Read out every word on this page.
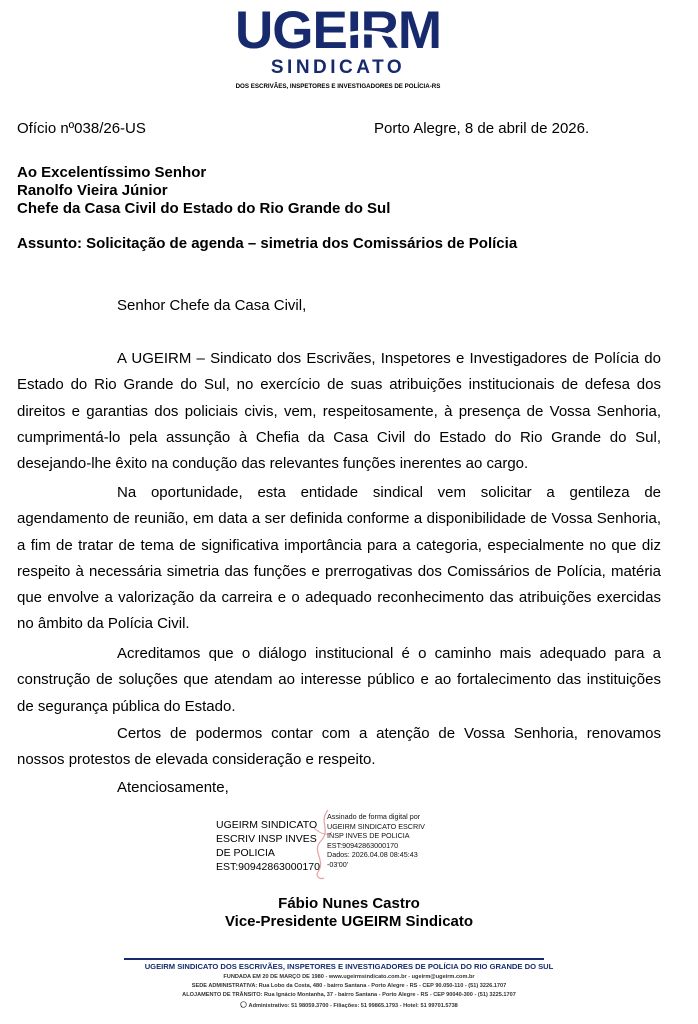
UGEIRM
SINDICATO
DOS ESCRIVÃES, INSPETORES E INVESTIGADORES DE POLÍCIA-RS
Ofício nº038/26-US	Porto Alegre, 8 de abril de 2026.
Ao Excelentíssimo Senhor
Ranolfo Vieira Júnior
Chefe da Casa Civil do Estado do Rio Grande do Sul
Assunto: Solicitação de agenda – simetria dos Comissários de Polícia
Senhor Chefe da Casa Civil,

A UGEIRM – Sindicato dos Escrivães, Inspetores e Investigadores de Polícia do Estado do Rio Grande do Sul, no exercício de suas atribuições institucionais de defesa dos direitos e garantias dos policiais civis, vem, respeitosamente, à presença de Vossa Senhoria, cumprimentá-lo pela assunção à Chefia da Casa Civil do Estado do Rio Grande do Sul, desejando-lhe êxito na condução das relevantes funções inerentes ao cargo.

Na oportunidade, esta entidade sindical vem solicitar a gentileza de agendamento de reunião, em data a ser definida conforme a disponibilidade de Vossa Senhoria, a fim de tratar de tema de significativa importância para a categoria, especialmente no que diz respeito à necessária simetria das funções e prerrogativas dos Comissários de Polícia, matéria que envolve a valorização da carreira e o adequado reconhecimento das atribuições exercidas no âmbito da Polícia Civil.

Acreditamos que o diálogo institucional é o caminho mais adequado para a construção de soluções que atendam ao interesse público e ao fortalecimento das instituições de segurança pública do Estado.

Certos de podermos contar com a atenção de Vossa Senhoria, renovamos nossos protestos de elevada consideração e respeito.

Atenciosamente,
UGEIRM SINDICATO
ESCRIV INSP INVES
DE POLICIA
EST:90942863000170
Assinado de forma digital por
UGEIRM SINDICATO ESCRIV
INSP INVES DE POLICIA
EST:90942863000170
Dados: 2026.04.08 08:45:43
-03'00'
Fábio Nunes Castro
Vice-Presidente UGEIRM Sindicato
UGEIRM SINDICATO DOS ESCRIVÃES, INSPETORES E INVESTIGADORES DE POLÍCIA DO RIO GRANDE DO SUL
FUNDADA EM 20 DE MARÇO DE 1980 - www.ugeirmsindicato.com.br - ugeirm@ugeirm.com.br
SEDE ADMINISTRATIVA: Rua Lobo da Costa, 480 - bairro Santana - Porto Alegre - RS - CEP 90.050-110 - (51) 3226.1707
ALOJAMENTO DE TRÂNSITO: Rua Ignácio Montanha, 37 - bairro Santana - Porto Alegre - RS - CEP 90040-300 - (51) 3225.1707
Administrativo: 51 98059.3700 - Filiações: 51 99865.1793 - Hotel: 51 99701.5738
